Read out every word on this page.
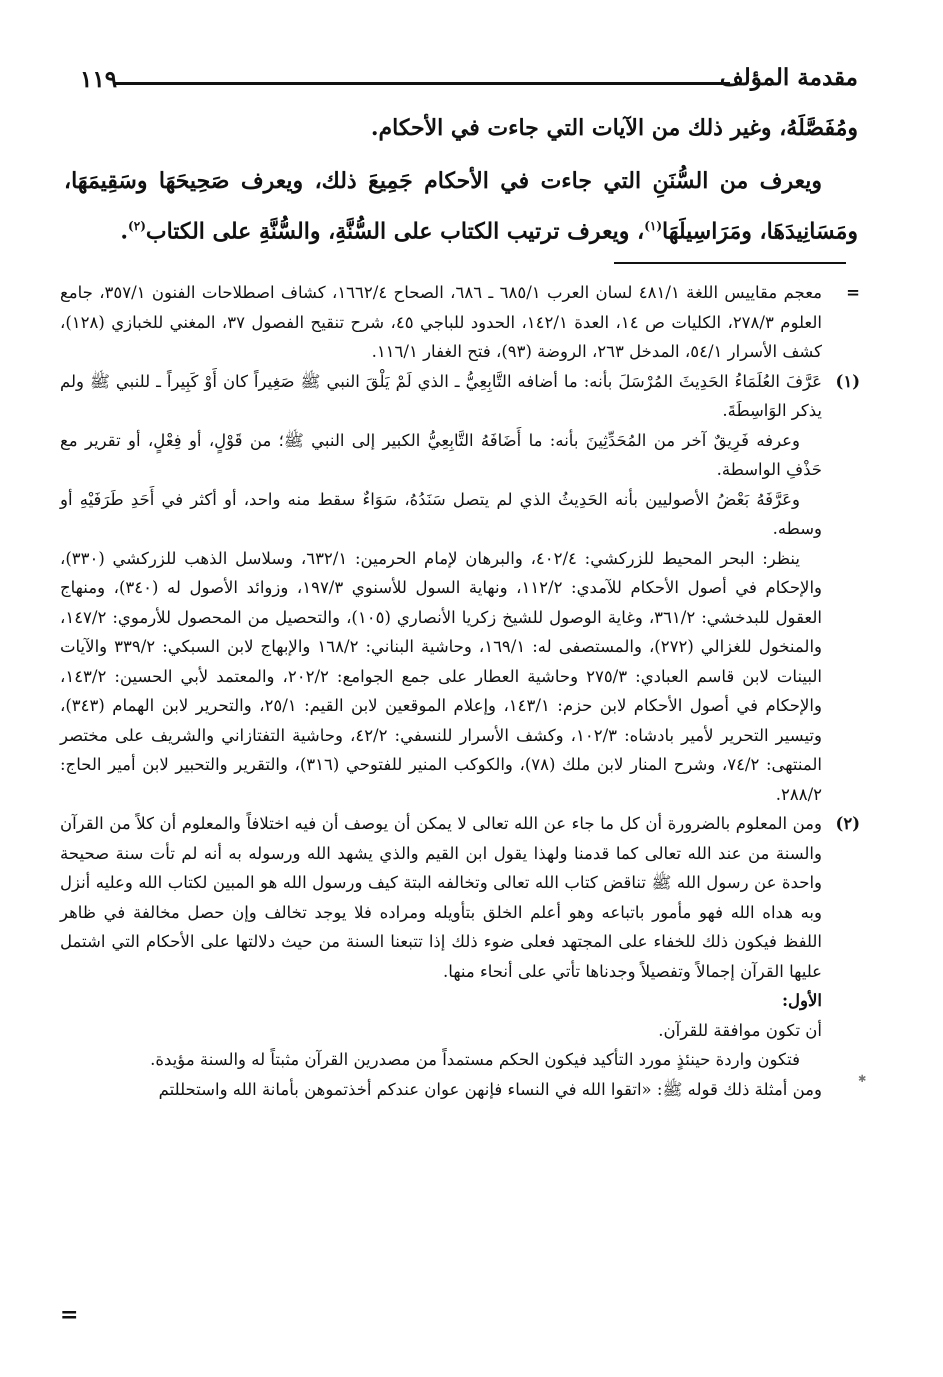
١١٩	مقدمة المؤلف

ومُفَصَّلَهُ، وغير ذلك من الآيات التي جاءت في الأحكام.

ويعرف من السُّنَنِ التي جاءت في الأحكام جَمِيعَ ذلك، ويعرف صَحِيحَهَا وسَقِيمَهَا، ومَسَانِيدَهَا، ومَرَاسِيلَهَا$^{(١)}$، ويعرف ترتيب الكتاب على السُّنَّةِ، والسُّنَّةِ على الكتاب$^{(٢)}$.

=
معجم مقاييس اللغة ٤٨١/١ لسان العرب ٦٨٥/١ ـ ٦٨٦، الصحاح ١٦٦٢/٤، كشاف اصطلاحات الفنون ٣٥٧/١، جامع العلوم ٢٧٨/٣، الكليات ص ١٤، العدة ١٤٢/١، الحدود للباجي ٤٥، شرح تنقيح الفصول ٣٧، المغني للخبازي (١٢٨)، كشف الأسرار ٥٤/١، المدخل ٢٦٣، الروضة (٩٣)، فتح الغفار ١١٦/١.
(١)
عَرَّفَ العُلَمَاءُ الحَدِيثَ المُرْسَلَ بأنه: ما أضافه التَّابِعِيُّ ـ الذي لَمْ يَلْقَ النبي ﷺ صَغِيراً كان أَوْ كَبِيراً ـ للنبي ﷺ ولم يذكر الوَاسِطَةَ.
وعرفه فَرِيقٌ آخر من المُحَدِّثِينَ بأنه: ما أَضَافَهُ التَّابِعِيُّ الكبير إلى النبي ﷺ؛ من قَوْلٍ، أو فِعْلٍ، أو تقرير مع حَذْفِ الواسطة.
وعَرَّفَهُ بَعْضُ الأصوليين بأنه الحَدِيثُ الذي لم يتصل سَنَدُهُ، سَوَاءٌ سقط منه واحد، أو أكثر في أَحَدِ طَرَفَيْهِ أو وسطه.
ينظر: البحر المحيط للزركشي: ٤٠٢/٤، والبرهان لإمام الحرمين: ٦٣٢/١، وسلاسل الذهب للزركشي (٣٣٠)، والإحكام في أصول الأحكام للآمدي: ١١٢/٢، ونهاية السول للأسنوي ١٩٧/٣، وزوائد الأصول له (٣٤٠)، ومنهاج العقول للبدخشي: ٣٦١/٢، وغاية الوصول للشيخ زكريا الأنصاري (١٠٥)، والتحصيل من المحصول للأرموي: ١٤٧/٢، والمنخول للغزالي (٢٧٢)، والمستصفى له: ١٦٩/١، وحاشية البناني: ١٦٨/٢ والإبهاج لابن السبكي: ٣٣٩/٢ والآيات البينات لابن قاسم العبادي: ٢٧٥/٣ وحاشية العطار على جمع الجوامع: ٢٠٢/٢، والمعتمد لأبي الحسين: ١٤٣/٢، والإحكام في أصول الأحكام لابن حزم: ١٤٣/١، وإعلام الموقعين لابن القيم: ٢٥/١، والتحرير لابن الهمام (٣٤٣)، وتيسير التحرير لأمير بادشاه: ١٠٢/٣، وكشف الأسرار للنسفي: ٤٢/٢، وحاشية التفتازاني والشريف على مختصر المنتهى: ٧٤/٢، وشرح المنار لابن ملك (٧٨)، والكوكب المنير للفتوحي (٣١٦)، والتقرير والتحبير لابن أمير الحاج: ٢٨٨/٢.
(٢)
ومن المعلوم بالضرورة أن كل ما جاء عن الله تعالى لا يمكن أن يوصف أن فيه اختلافاً والمعلوم أن كلاً من القرآن والسنة من عند الله تعالى كما قدمنا ولهذا يقول ابن القيم والذي يشهد الله ورسوله به أنه لم تأت سنة صحيحة واحدة عن رسول الله ﷺ تناقض كتاب الله تعالى وتخالفه البتة كيف ورسول الله هو المبين لكتاب الله وعليه أنزل وبه هداه الله فهو مأمور باتباعه وهو أعلم الخلق بتأويله ومراده فلا يوجد تخالف وإن حصل مخالفة في ظاهر اللفظ فيكون ذلك للخفاء على المجتهد فعلى ضوء ذلك إذا تتبعنا السنة من حيث دلالتها على الأحكام التي اشتمل عليها القرآن إجمالاً وتفصيلاً وجدناها تأتي على أنحاء منها.
الأول:
أن تكون موافقة للقرآن.
فتكون واردة حينئذٍ مورد التأكيد فيكون الحكم مستمداً من مصدرين القرآن مثبتاً له والسنة مؤيدة.
ومن أمثلة ذلك قوله ﷺ: «اتقوا الله في النساء فإنهن عوان عندكم أخذتموهن بأمانة الله واستحللتم
=
✱
